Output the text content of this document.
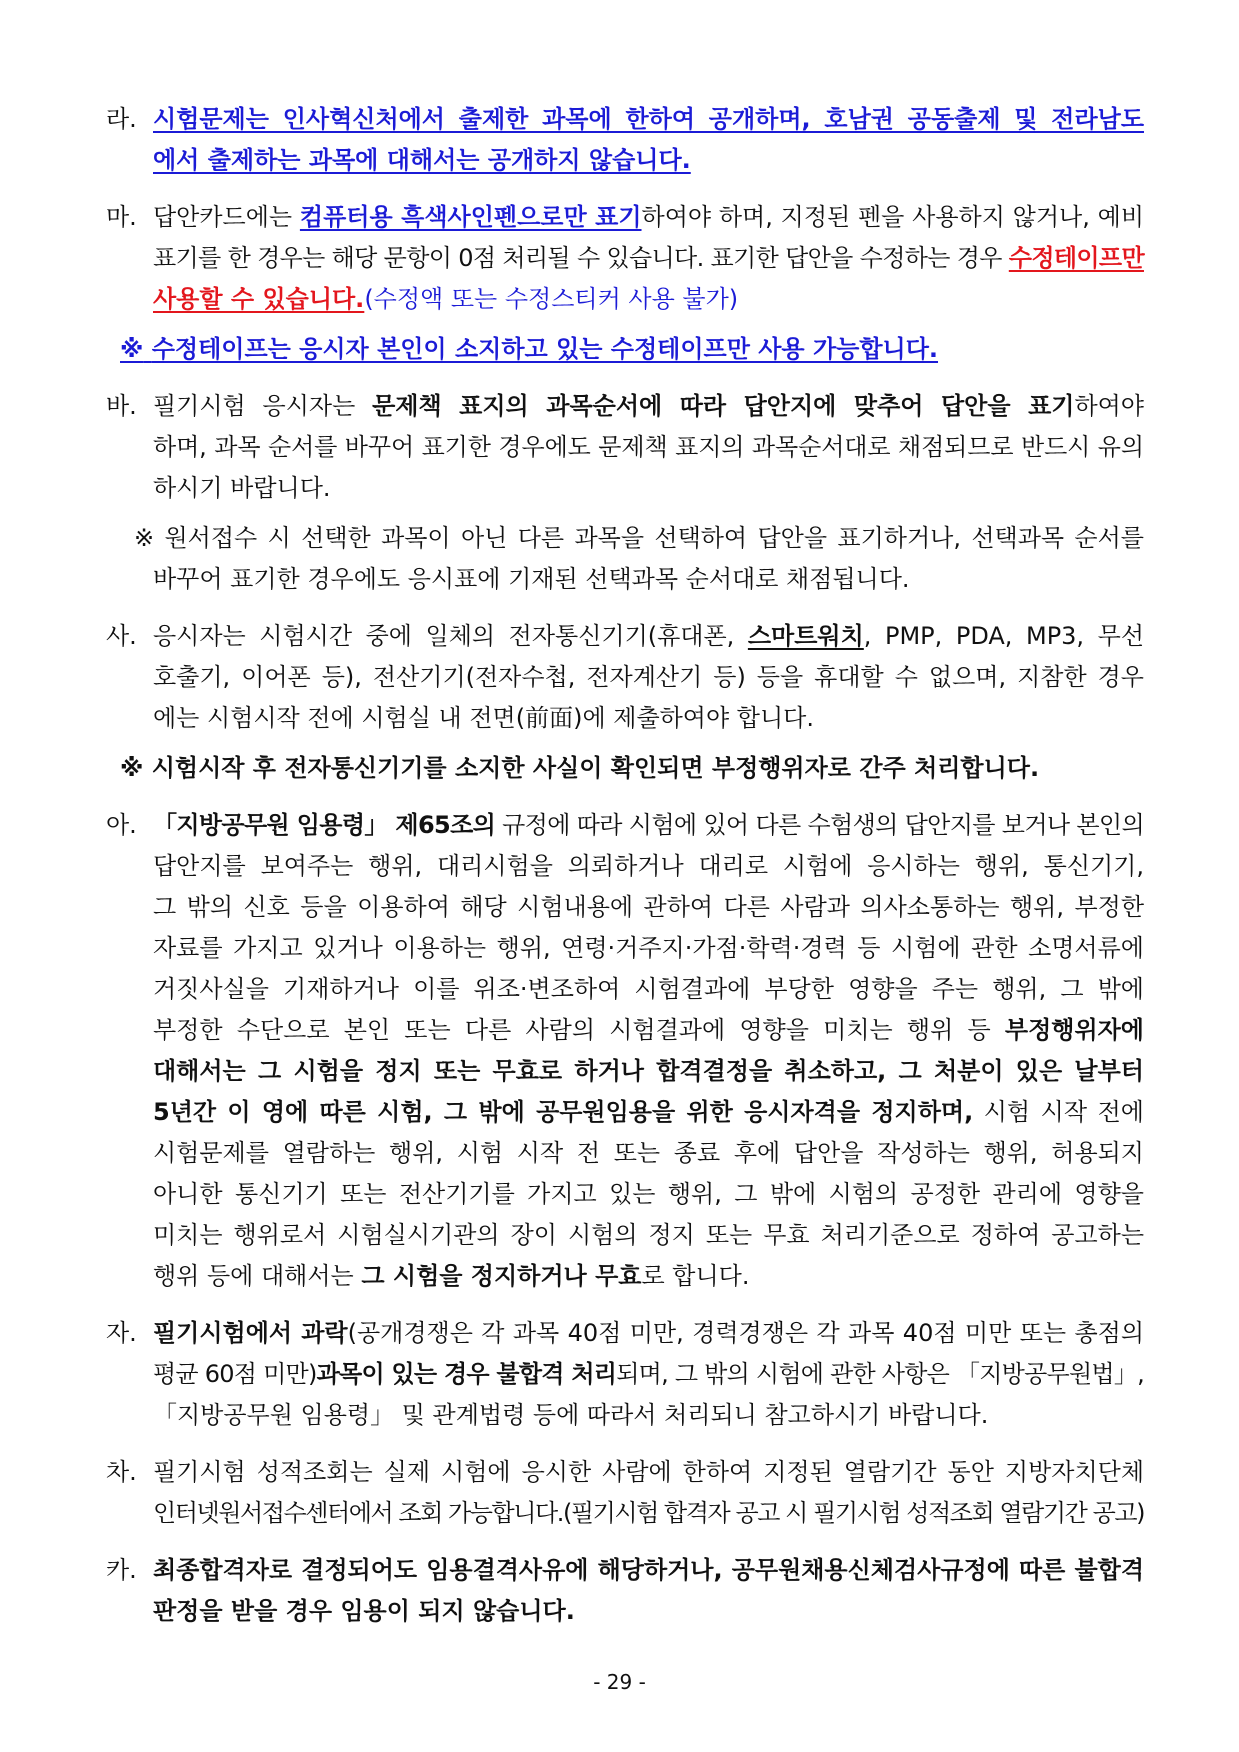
시험문제는 인사혁신처에서 출제한 과목에 한하여 공개하며, 호남권 공동출제 및 전라남도
에서 출제하는 과목에 대해서는 공개하지 않습니다.
라.
답안카드에는 컴퓨터용 흑색사인펜으로만 표기하여야 하며, 지정된 펜을 사용하지 않거나, 예비
표기를 한 경우는 해당 문항이 0점 처리될 수 있습니다. 표기한 답안을 수정하는 경우 수정테이프만
사용할 수 있습니다.(수정액 또는 수정스티커 사용 불가)
마.
※ 수정테이프는 응시자 본인이 소지하고 있는 수정테이프만 사용 가능합니다.
필기시험 응시자는 문제책 표지의 과목순서에 따라 답안지에 맞추어 답안을 표기하여야
하며, 과목 순서를 바꾸어 표기한 경우에도 문제책 표지의 과목순서대로 채점되므로 반드시 유의
하시기 바랍니다.
바.
※ 원서접수 시 선택한 과목이 아닌 다른 과목을 선택하여 답안을 표기하거나, 선택과목 순서를
바꾸어 표기한 경우에도 응시표에 기재된 선택과목 순서대로 채점됩니다.
응시자는 시험시간 중에 일체의 전자통신기기(휴대폰, 스마트워치, PMP, PDA, MP3, 무선
호출기, 이어폰 등), 전산기기(전자수첩, 전자계산기 등) 등을 휴대할 수 없으며, 지참한 경우
에는 시험시작 전에 시험실 내 전면(前面)에 제출하여야 합니다.
사.
※ 시험시작 후 전자통신기기를 소지한 사실이 확인되면 부정행위자로 간주 처리합니다.
「지방공무원 임용령」 제65조의 규정에 따라 시험에 있어 다른 수험생의 답안지를 보거나 본인의
답안지를 보여주는 행위, 대리시험을 의뢰하거나 대리로 시험에 응시하는 행위, 통신기기,
그 밖의 신호 등을 이용하여 해당 시험내용에 관하여 다른 사람과 의사소통하는 행위, 부정한
자료를 가지고 있거나 이용하는 행위, 연령·거주지·가점·학력·경력 등 시험에 관한 소명서류에
거짓사실을 기재하거나 이를 위조·변조하여 시험결과에 부당한 영향을 주는 행위, 그 밖에
부정한 수단으로 본인 또는 다른 사람의 시험결과에 영향을 미치는 행위 등 부정행위자에
대해서는 그 시험을 정지 또는 무효로 하거나 합격결정을 취소하고, 그 처분이 있은 날부터
5년간 이 영에 따른 시험, 그 밖에 공무원임용을 위한 응시자격을 정지하며, 시험 시작 전에
시험문제를 열람하는 행위, 시험 시작 전 또는 종료 후에 답안을 작성하는 행위, 허용되지
아니한 통신기기 또는 전산기기를 가지고 있는 행위, 그 밖에 시험의 공정한 관리에 영향을
미치는 행위로서 시험실시기관의 장이 시험의 정지 또는 무효 처리기준으로 정하여 공고하는
행위 등에 대해서는 그 시험을 정지하거나 무효로 합니다.
아.
필기시험에서 과락(공개경쟁은 각 과목 40점 미만, 경력경쟁은 각 과목 40점 미만 또는 총점의
평균 60점 미만)과목이 있는 경우 불합격 처리되며, 그 밖의 시험에 관한 사항은 「지방공무원법」,
「지방공무원 임용령」 및 관계법령 등에 따라서 처리되니 참고하시기 바랍니다.
자.
필기시험 성적조회는 실제 시험에 응시한 사람에 한하여 지정된 열람기간 동안 지방자치단체
인터넷원서접수센터에서 조회 가능합니다.(필기시험 합격자 공고 시 필기시험 성적조회 열람기간 공고)
차.
최종합격자로 결정되어도 임용결격사유에 해당하거나, 공무원채용신체검사규정에 따른 불합격
판정을 받을 경우 임용이 되지 않습니다.
카.
- 29 -
